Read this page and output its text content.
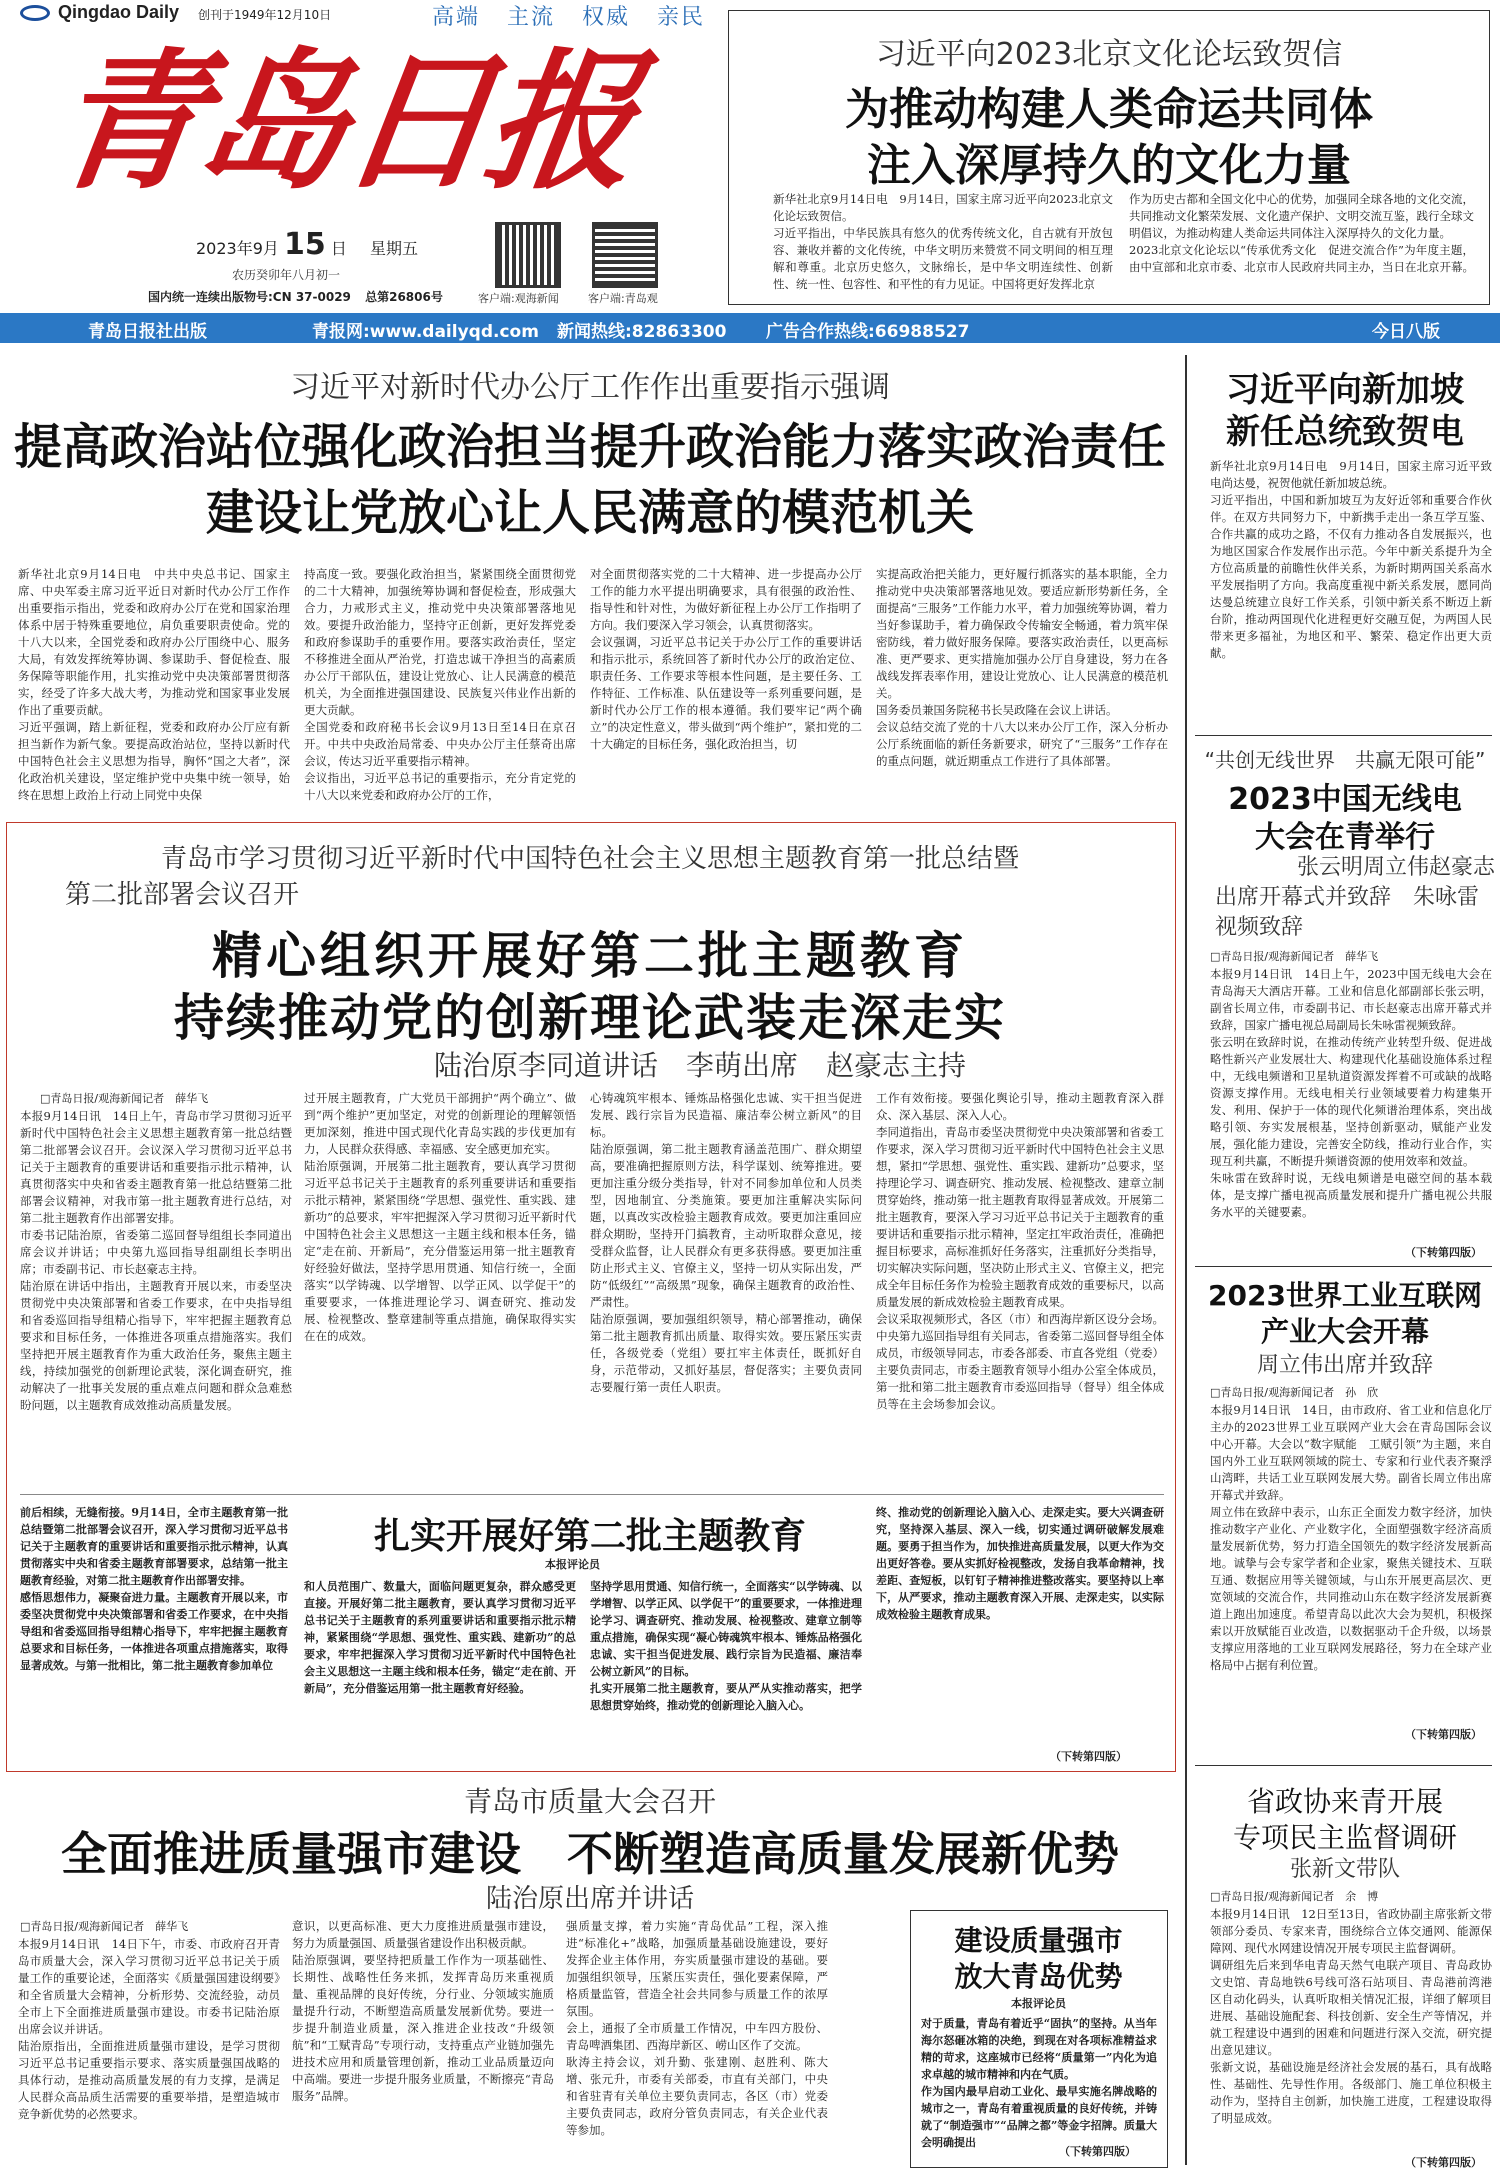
Qingdao Daily 创刊于1949年12月10日	高端 主流 权威 亲民
青岛日报
2023年9月 15 日 星期五
农历癸卯年八月初一
国内统一连续出版物号:CN 37-0029 总第26806号	客户端:观海新闻	客户端:青岛观
习近平向2023北京文化论坛致贺信
为推动构建人类命运共同体
注入深厚持久的文化力量
新华社北京9月14日电　9月14日，国家主席习近平向2023北京文化论坛致贺信。
习近平指出，中华民族具有悠久的优秀传统文化，自古就有开放包容、兼收并蓄的文化传统，中华文明历来赞赏不同文明间的相互理解和尊重。北京历史悠久，文脉绵长，是中华文明连续性、创新性、统一性、包容性、和平性的有力见证。中国将更好发挥北京
作为历史古都和全国文化中心的优势，加强同全球各地的文化交流，共同推动文化繁荣发展、文化遗产保护、文明交流互鉴，践行全球文明倡议，为推动构建人类命运共同体注入深厚持久的文化力量。
2023北京文化论坛以“传承优秀文化　促进交流合作”为年度主题，由中宣部和北京市委、北京市人民政府共同主办，当日在北京开幕。
青岛日报社出版	青报网:www.dailyqd.com 新闻热线:82863300 广告合作热线:66988527	今日八版
习近平对新时代办公厅工作作出重要指示强调
提高政治站位强化政治担当提升政治能力落实政治责任
建设让党放心让人民满意的模范机关
新华社北京9月14日电　中共中央总书记、国家主席、中央军委主席习近平近日对新时代办公厅工作作出重要指示指出，党委和政府办公厅在党和国家治理体系中居于特殊重要地位，肩负重要职责使命。党的十八大以来，全国党委和政府办公厅围绕中心、服务大局，有效发挥统筹协调、参谋助手、督促检查、服务保障等职能作用，扎实推动党中央决策部署贯彻落实，经受了许多大战大考，为推动党和国家事业发展作出了重要贡献。
习近平强调，踏上新征程，党委和政府办公厅应有新担当新作为新气象。要提高政治站位，坚持以新时代中国特色社会主义思想为指导，胸怀“国之大者”，深化政治机关建设，坚定维护党中央集中统一领导，始终在思想上政治上行动上同党中央保
持高度一致。要强化政治担当，紧紧围绕全面贯彻党的二十大精神，加强统筹协调和督促检查，形成强大合力，力戒形式主义，推动党中央决策部署落地见效。要提升政治能力，坚持守正创新，更好发挥党委和政府参谋助手的重要作用。要落实政治责任，坚定不移推进全面从严治党，打造忠诚干净担当的高素质办公厅干部队伍，建设让党放心、让人民满意的模范机关，为全面推进强国建设、民族复兴伟业作出新的更大贡献。
全国党委和政府秘书长会议9月13日至14日在京召开。中共中央政治局常委、中央办公厅主任蔡奇出席会议，传达习近平重要指示精神。
会议指出，习近平总书记的重要指示，充分肯定党的十八大以来党委和政府办公厅的工作，
对全面贯彻落实党的二十大精神、进一步提高办公厅工作的能力水平提出明确要求，具有很强的政治性、指导性和针对性，为做好新征程上办公厅工作指明了方向。我们要深入学习领会，认真贯彻落实。
会议强调，习近平总书记关于办公厅工作的重要讲话和指示批示，系统回答了新时代办公厅的政治定位、职责任务、工作要求等根本性问题，是主要任务、工作特征、工作标准、队伍建设等一系列重要问题，是新时代办公厅工作的根本遵循。我们要牢记“两个确立”的决定性意义，带头做到“两个维护”，紧扣党的二十大确定的目标任务，强化政治担当，切
实提高政治把关能力，更好履行抓落实的基本职能，全力推动党中央决策部署落地见效。要适应新形势新任务，全面提高“三服务”工作能力水平，着力加强统筹协调，着力当好参谋助手，着力确保政令传输安全畅通，着力筑牢保密防线，着力做好服务保障。要落实政治责任，以更高标准、更严要求、更实措施加强办公厅自身建设，努力在各战线发挥表率作用，建设让党放心、让人民满意的模范机关。
国务委员兼国务院秘书长吴政隆在会议上讲话。
会议总结交流了党的十八大以来办公厅工作，深入分析办公厅系统面临的新任务新要求，研究了“三服务”工作存在的重点问题，就近期重点工作进行了具体部署。
青岛市学习贯彻习近平新时代中国特色社会主义思想主题教育第一批总结暨
第二批部署会议召开
精心组织开展好第二批主题教育
持续推动党的创新理论武装走深走实
陆治原李同道讲话　李萌出席　赵豪志主持
□青岛日报/观海新闻记者　薛华飞
本报9月14日讯　14日上午，青岛市学习贯彻习近平新时代中国特色社会主义思想主题教育第一批总结暨第二批部署会议召开。会议深入学习贯彻习近平总书记关于主题教育的重要讲话和重要指示批示精神，认真贯彻落实中央和省委主题教育第一批总结暨第二批部署会议精神，对我市第一批主题教育进行总结，对第二批主题教育作出部署安排。
市委书记陆治原，省委第二巡回督导组组长李同道出席会议并讲话；中央第九巡回指导组副组长李明出席；市委副书记、市长赵豪志主持。
陆治原在讲话中指出，主题教育开展以来，市委坚决贯彻党中央决策部署和省委工作要求，在中央指导组和省委巡回指导组精心指导下，牢牢把握主题教育总要求和目标任务，一体推进各项重点措施落实。我们坚持把开展主题教育作为重大政治任务，聚焦主题主线，持续加强党的创新理论武装，深化调查研究，推动解决了一批事关发展的重点难点问题和群众急难愁盼问题，以主题教育成效推动高质量发展。
过开展主题教育，广大党员干部拥护“两个确立”、做到“两个维护”更加坚定，对党的创新理论的理解领悟更加深刻，推进中国式现代化青岛实践的步伐更加有力，人民群众获得感、幸福感、安全感更加充实。
陆治原强调，开展第二批主题教育，要认真学习贯彻习近平总书记关于主题教育的系列重要讲话和重要指示批示精神，紧紧围绕“学思想、强党性、重实践、建新功”的总要求，牢牢把握深入学习贯彻习近平新时代中国特色社会主义思想这一主题主线和根本任务，锚定“走在前、开新局”，充分借鉴运用第一批主题教育好经验好做法，坚持学思用贯通、知信行统一，全面落实“以学铸魂、以学增智、以学正风、以学促干”的重要要求，一体推进理论学习、调查研究、推动发展、检视整改、整章建制等重点措施，确保取得实实在在的成效。
心铸魂筑牢根本、锤炼品格强化忠诚、实干担当促进发展、践行宗旨为民造福、廉洁奉公树立新风”的目标。
陆治原强调，第二批主题教育涵盖范围广、群众期望高，要准确把握原则方法，科学谋划、统筹推进。要更加注重分级分类指导，针对不同参加单位和人员类型，因地制宜、分类施策。要更加注重解决实际问题，以真改实改检验主题教育成效。要更加注重回应群众期盼，坚持开门搞教育，主动听取群众意见，接受群众监督，让人民群众有更多获得感。要更加注重防止形式主义、官僚主义，坚持一切从实际出发，严防“低级红”“高级黑”现象，确保主题教育的政治性、严肃性。
陆治原强调，要加强组织领导，精心部署推动，确保第二批主题教育抓出质量、取得实效。要压紧压实责任，各级党委（党组）要扛牢主体责任，既抓好自身，示范带动，又抓好基层，督促落实；主要负责同志要履行第一责任人职责。
工作有效衔接。要强化舆论引导，推动主题教育深入群众、深入基层、深入人心。
李同道指出，青岛市委坚决贯彻党中央决策部署和省委工作要求，深入学习贯彻习近平新时代中国特色社会主义思想，紧扣“学思想、强党性、重实践、建新功”总要求，坚持理论学习、调查研究、推动发展、检视整改、建章立制贯穿始终，推动第一批主题教育取得显著成效。开展第二批主题教育，要深入学习习近平总书记关于主题教育的重要讲话和重要指示批示精神，坚定扛牢政治责任，准确把握目标要求，高标准抓好任务落实，注重抓好分类指导，切实解决实际问题，坚决防止形式主义、官僚主义，把完成全年目标任务作为检验主题教育成效的重要标尺，以高质量发展的新成效检验主题教育成果。
会议采取视频形式，各区（市）和西海岸新区设分会场。中央第九巡回指导组有关同志，省委第二巡回督导组全体成员，市级领导同志，市委各部委、市直各党组（党委）主要负责同志，市委主题教育领导小组办公室全体成员，第一批和第二批主题教育市委巡回指导（督导）组全体成员等在主会场参加会议。
扎实开展好第二批主题教育
本报评论员
前后相续，无缝衔接。9月14日，全市主题教育第一批总结暨第二批部署会议召开，深入学习贯彻习近平总书记关于主题教育的重要讲话和重要指示批示精神，认真贯彻落实中央和省委主题教育部署要求，总结第一批主题教育经验，对第二批主题教育作出部署安排。
感悟思想伟力，凝聚奋进力量。主题教育开展以来，市委坚决贯彻党中央决策部署和省委工作要求，在中央指导组和省委巡回指导组精心指导下，牢牢把握主题教育总要求和目标任务，一体推进各项重点措施落实，取得显著成效。与第一批相比，第二批主题教育参加单位
和人员范围广、数量大，面临问题更复杂，群众感受更直接。开展好第二批主题教育，要认真学习贯彻习近平总书记关于主题教育的系列重要讲话和重要指示批示精神，紧紧围绕“学思想、强党性、重实践、建新功”的总要求，牢牢把握深入学习贯彻习近平新时代中国特色社会主义思想这一主题主线和根本任务，锚定“走在前、开新局”，充分借鉴运用第一批主题教育好经验。
坚持学思用贯通、知信行统一，全面落实“以学铸魂、以学增智、以学正风、以学促干”的重要要求，一体推进理论学习、调查研究、推动发展、检视整改、建章立制等重点措施，确保实现“凝心铸魂筑牢根本、锤炼品格强化忠诚、实干担当促进发展、践行宗旨为民造福、廉洁奉公树立新风”的目标。
扎实开展第二批主题教育，要从严从实推动落实，把学思想贯穿始终，推动党的创新理论入脑入心。
终、推动党的创新理论入脑入心、走深走实。要大兴调查研究，坚持深入基层、深入一线，切实通过调研破解发展难题。要勇于担当作为，加快推进高质量发展，以更大作为交出更好答卷。要从实抓好检视整改，发扬自我革命精神，找差距、查短板，以钉钉子精神推进整改落实。要坚持以上率下，从严要求，推动主题教育深入开展、走深走实，以实际成效检验主题教育成果。
（下转第四版）
青岛市质量大会召开
全面推进质量强市建设　不断塑造高质量发展新优势
陆治原出席并讲话
□青岛日报/观海新闻记者　薛华飞
本报9月14日讯　14日下午，市委、市政府召开青岛市质量大会，深入学习贯彻习近平总书记关于质量工作的重要论述，全面落实《质量强国建设纲要》和全省质量大会精神，分析形势、交流经验，动员全市上下全面推进质量强市建设。市委书记陆治原出席会议并讲话。
陆治原指出，全面推进质量强市建设，是学习贯彻习近平总书记重要指示要求、落实质量强国战略的具体行动，是推动高质量发展的有力支撑，是满足人民群众高品质生活需要的重要举措，是塑造城市竞争新优势的必然要求。
意识，以更高标准、更大力度推进质量强市建设，努力为质量强国、质量强省建设作出积极贡献。
陆治原强调，要坚持把质量工作作为一项基础性、长期性、战略性任务来抓，发挥青岛历来重视质量、重视品牌的良好传统，分行业、分领域实施质量提升行动，不断塑造高质量发展新优势。要进一步提升制造业质量，深入推进企业技改“升级领航”和“工赋青岛”专项行动，支持重点产业链加强先进技术应用和质量管理创新，推动工业品质量迈向中高端。要进一步提升服务业质量，不断擦亮“青岛服务”品牌。
强质量支撑，着力实施“青岛优品”工程，深入推进“标准化+”战略，加强质量基础设施建设，要好发挥企业主体作用，夯实质量强市建设的基础。要加强组织领导，压紧压实责任，强化要素保障，严格质量监管，营造全社会共同参与质量工作的浓厚氛围。
会上，通报了全市质量工作情况，中车四方股份、青岛啤酒集团、西海岸新区、崂山区作了交流。
耿涛主持会议，刘升勤、张建刚、赵胜利、陈大增、张元升，市委有关部委，市直有关部门，中央和省驻青有关单位主要负责同志，各区（市）党委主要负责同志，政府分管负责同志，有关企业代表等参加。
建设质量强市
放大青岛优势
本报评论员
对于质量，青岛有着近乎“固执”的坚持。从当年海尔怒砸冰箱的决绝，到现在对各项标准精益求精的苛求，这座城市已经将“质量第一”内化为追求卓越的城市精神和内在气质。
作为国内最早启动工业化、最早实施名牌战略的城市之一，青岛有着重视质量的良好传统，并铸就了“制造强市”“品牌之都”等金字招牌。质量大会明确提出
（下转第四版）
习近平向新加坡
新任总统致贺电
新华社北京9月14日电　9月14日，国家主席习近平致电尚达曼，祝贺他就任新加坡总统。
习近平指出，中国和新加坡互为友好近邻和重要合作伙伴。在双方共同努力下，中新携手走出一条互学互鉴、合作共赢的成功之路，不仅有力推动各自发展振兴，也为地区国家合作发展作出示范。今年中新关系提升为全方位高质量的前瞻性伙伴关系，为新时期两国关系高水平发展指明了方向。我高度重视中新关系发展，愿同尚达曼总统建立良好工作关系，引领中新关系不断迈上新台阶，推动两国现代化进程更好交融互促，为两国人民带来更多福祉，为地区和平、繁荣、稳定作出更大贡献。
“共创无线世界　共赢无限可能”
2023中国无线电
大会在青举行
张云明周立伟赵豪志
出席开幕式并致辞　朱咏雷
视频致辞
□青岛日报/观海新闻记者　薛华飞
本报9月14日讯　14日上午，2023中国无线电大会在青岛海天大酒店开幕。工业和信息化部副部长张云明，副省长周立伟，市委副书记、市长赵豪志出席开幕式并致辞，国家广播电视总局副局长朱咏雷视频致辞。
张云明在致辞时说，在推动传统产业转型升级、促进战略性新兴产业发展壮大、构建现代化基础设施体系过程中，无线电频谱和卫星轨道资源发挥着不可或缺的战略资源支撑作用。无线电相关行业领域要着力构建集开发、利用、保护于一体的现代化频谱治理体系，突出战略引领、夯实发展根基，坚持创新驱动，赋能产业发展，强化能力建设，完善安全防线，推动行业合作，实现互利共赢，不断提升频谱资源的使用效率和效益。
朱咏雷在致辞时说，无线电频谱是电磁空间的基本载体，是支撑广播电视高质量发展和提升广播电视公共服务水平的关键要素。
（下转第四版）
2023世界工业互联网
产业大会开幕
周立伟出席并致辞
□青岛日报/观海新闻记者　孙　欣
本报9月14日讯　14日，由市政府、省工业和信息化厅主办的2023世界工业互联网产业大会在青岛国际会议中心开幕。大会以“数字赋能　工赋引领”为主题，来自国内外工业互联网领域的院士、专家和行业代表齐聚浮山湾畔，共话工业互联网发展大势。副省长周立伟出席开幕式并致辞。
周立伟在致辞中表示，山东正全面发力数字经济，加快推动数字产业化、产业数字化，全面塑强数字经济高质量发展新优势，努力打造全国领先的数字经济发展新高地。诚挚与会专家学者和企业家，聚焦关键技术、互联互通、数据应用等关键领域，与山东开展更高层次、更宽领域的交流合作，共同推动山东在数字经济发展新赛道上跑出加速度。希望青岛以此次大会为契机，积极探索以开放赋能百业改造，以数据驱动千企升级，以场景支撑应用落地的工业互联网发展路径，努力在全球产业格局中占据有利位置。
（下转第四版）
省政协来青开展
专项民主监督调研
张新文带队
□青岛日报/观海新闻记者　余　博
本报9月14日讯　12日至13日，省政协副主席张新文带领部分委员、专家来青，围绕综合立体交通网、能源保障网、现代水网建设情况开展专项民主监督调研。
调研组先后来到华电青岛天然气电联产项目、青岛政协文史馆、青岛地铁6号线可洛石站项目、青岛港前湾港区自动化码头，认真听取相关情况汇报，详细了解项目进展、基础设施配套、科技创新、安全生产等情况，并就工程建设中遇到的困难和问题进行深入交流，研究提出意见建议。
张新文说，基础设施是经济社会发展的基石，具有战略性、基础性、先导性作用。各级部门、施工单位积极主动作为，坚持自主创新，加快施工进度，工程建设取得了明显成效。
（下转第四版）
